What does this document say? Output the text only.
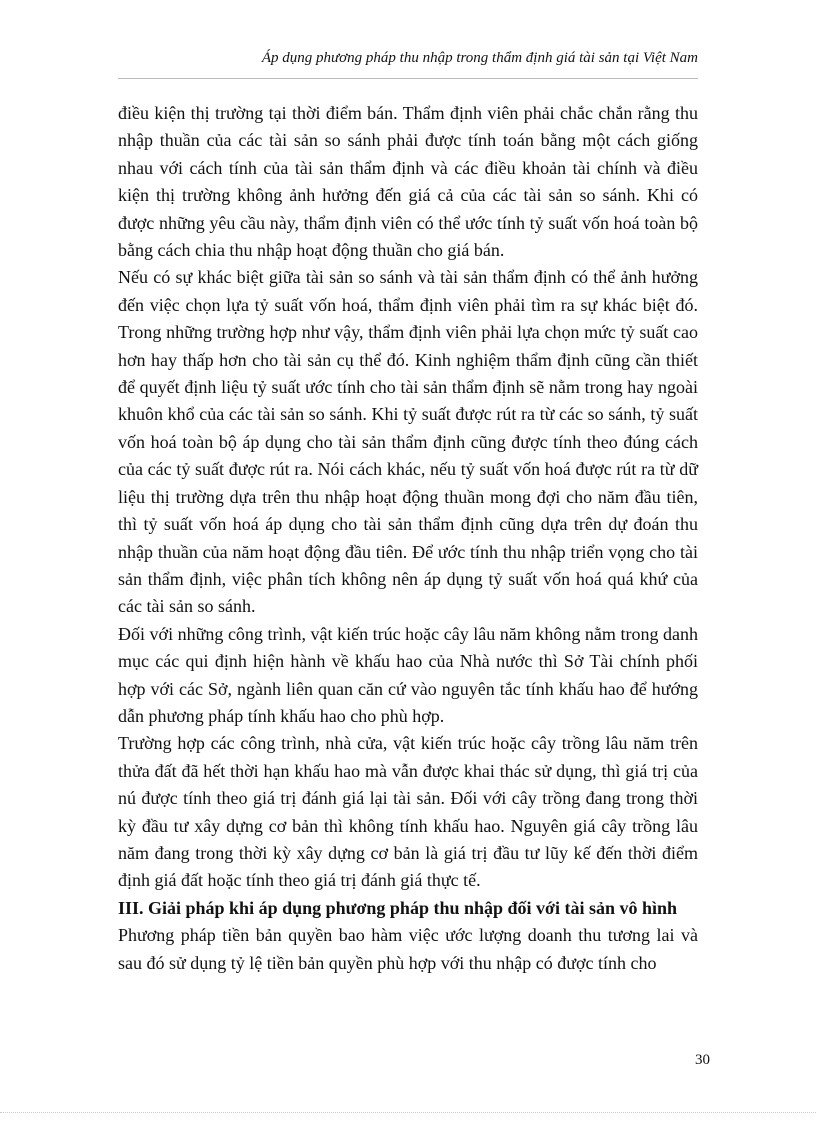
Áp dụng phương pháp thu nhập trong thẩm định giá tài sản tại Việt Nam

điều kiện thị trường tại thời điểm bán. Thẩm định viên phải chắc chắn rằng thu nhập thuần của các tài sản so sánh phải được tính toán bằng một cách giống nhau với cách tính của tài sản thẩm định và các điều khoản tài chính và điều kiện thị trường không ảnh hưởng đến giá cả của các tài sản so sánh. Khi có được những yêu cầu này, thẩm định viên có thể ước tính tỷ suất vốn hoá toàn bộ bằng cách chia thu nhập hoạt động thuần cho giá bán.

Nếu có sự khác biệt giữa tài sản so sánh và tài sản thẩm định có thể ảnh hưởng đến việc chọn lựa tỷ suất vốn hoá, thẩm định viên phải tìm ra sự khác biệt đó. Trong những trường hợp như vậy, thẩm định viên phải lựa chọn mức tỷ suất cao hơn hay thấp hơn cho tài sản cụ thể đó. Kinh nghiệm thẩm định cũng cần thiết để quyết định liệu tỷ suất ước tính cho tài sản thẩm định sẽ nằm trong hay ngoài khuôn khổ của các tài sản so sánh. Khi tỷ suất được rút ra từ các so sánh, tỷ suất vốn hoá toàn bộ áp dụng cho tài sản thẩm định cũng được tính theo đúng cách của các tỷ suất được rút ra. Nói cách khác, nếu tỷ suất vốn hoá được rút ra từ dữ liệu thị trường dựa trên thu nhập hoạt động thuần mong đợi cho năm đầu tiên, thì tỷ suất vốn hoá áp dụng cho tài sản thẩm định cũng dựa trên dự đoán thu nhập thuần của năm hoạt động đầu tiên. Để ước tính thu nhập triển vọng cho tài sản thẩm định, việc phân tích không nên áp dụng tỷ suất vốn hoá quá khứ của các tài sản so sánh.

Đối với những công trình, vật kiến trúc hoặc cây lâu năm không nằm trong danh mục các qui định hiện hành về khấu hao của Nhà nước thì Sở Tài chính phối hợp với các Sở, ngành liên quan căn cứ vào nguyên tắc tính khấu hao để hướng dẫn phương pháp tính khấu hao cho phù hợp.

Trường hợp các công trình, nhà cửa, vật kiến trúc hoặc cây trồng lâu năm trên thửa đất đã hết thời hạn khấu hao mà vẫn được khai thác sử dụng, thì giá trị của nú được tính theo giá trị đánh giá lại tài sản. Đối với cây trồng đang trong thời kỳ đầu tư xây dựng cơ bản thì không tính khấu hao. Nguyên giá cây trồng lâu năm đang trong thời kỳ xây dựng cơ bản là giá trị đầu tư lũy kế đến thời điểm định giá đất hoặc tính theo giá trị đánh giá thực tế.

III. Giải pháp khi áp dụng phương pháp thu nhập đối với tài sản vô hình

Phương pháp tiền bản quyền bao hàm việc ước lượng doanh thu tương lai và sau đó sử dụng tỷ lệ tiền bản quyền phù hợp với thu nhập có được tính cho

30
